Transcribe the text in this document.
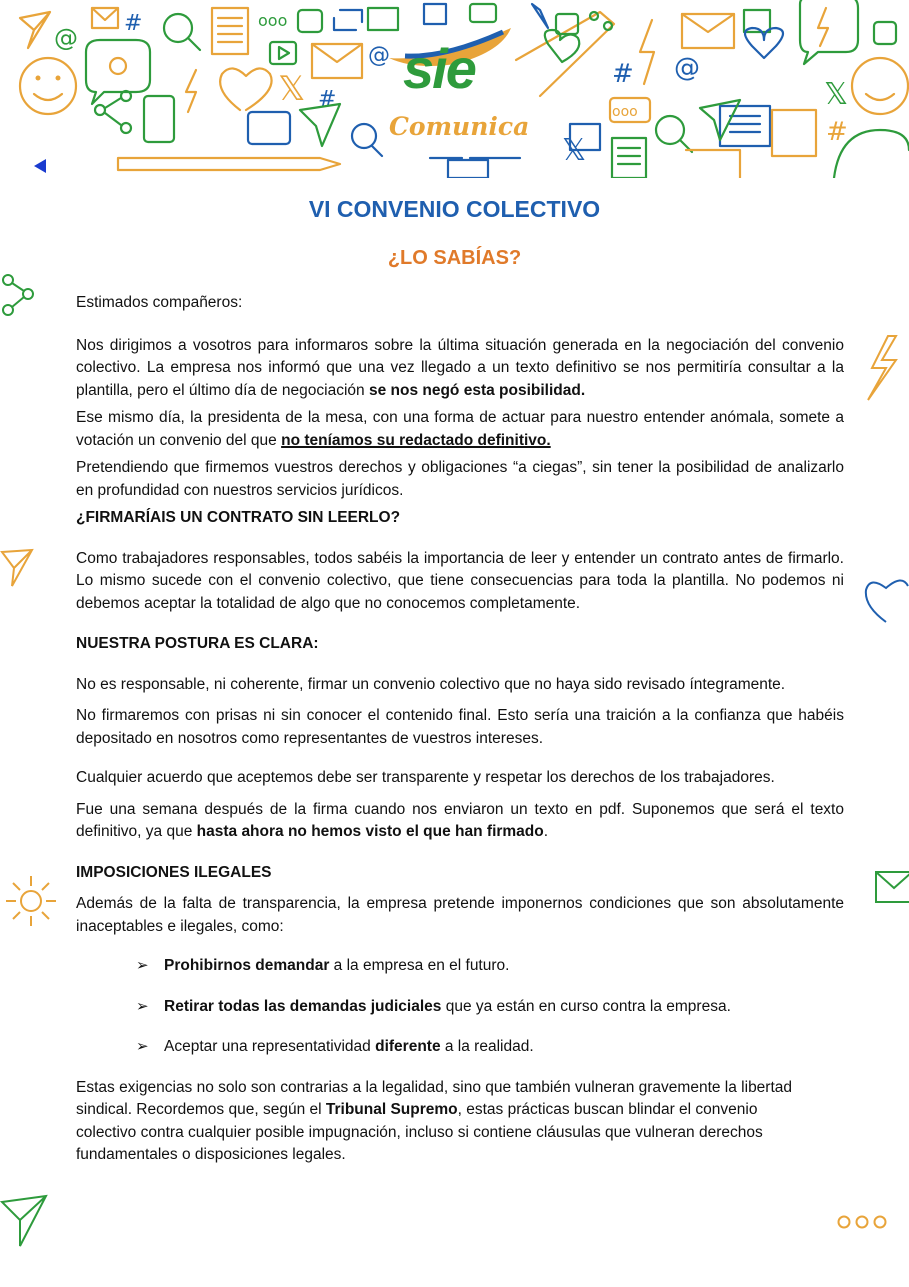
@
#	ooo
𝕏 #
@
# @
𝕏
#
ooo
𝕏
sie
Comunica
VI CONVENIO COLECTIVO
¿LO SABÍAS?

Estimados compañeros:

Nos dirigimos a vosotros para informaros sobre la última situación generada en la negociación del convenio colectivo. La empresa nos informó que una vez llegado a un texto definitivo se nos permitiría consultar a la plantilla, pero el último día de negociación se nos negó esta posibilidad.

Ese mismo día, la presidenta de la mesa, con una forma de actuar para nuestro entender anómala, somete a votación un convenio del que no teníamos su redactado definitivo.

Pretendiendo que firmemos vuestros derechos y obligaciones “a ciegas”, sin tener la posibilidad de analizarlo en profundidad con nuestros servicios jurídicos.

¿FIRMARÍAIS UN CONTRATO SIN LEERLO?

Como trabajadores responsables, todos sabéis la importancia de leer y entender un contrato antes de firmarlo. Lo mismo sucede con el convenio colectivo, que tiene consecuencias para toda la plantilla. No podemos ni debemos aceptar la totalidad de algo que no conocemos completamente.

NUESTRA POSTURA ES CLARA:

No es responsable, ni coherente, firmar un convenio colectivo que no haya sido revisado íntegramente.

No firmaremos con prisas ni sin conocer el contenido final. Esto sería una traición a la confianza que habéis depositado en nosotros como representantes de vuestros intereses.

Cualquier acuerdo que aceptemos debe ser transparente y respetar los derechos de los trabajadores.

Fue una semana después de la firma cuando nos enviaron un texto en pdf. Suponemos que será el texto definitivo, ya que hasta ahora no hemos visto el que han firmado.

IMPOSICIONES ILEGALES

Además de la falta de transparencia, la empresa pretende imponernos condiciones que son absolutamente inaceptables e ilegales, como:

➢ Prohibirnos demandar a la empresa en el futuro.
➢ Retirar todas las demandas judiciales que ya están en curso contra la empresa.
➢ Aceptar una representatividad diferente a la realidad.

Estas exigencias no solo son contrarias a la legalidad, sino que también vulneran gravemente la libertad sindical. Recordemos que, según el Tribunal Supremo, estas prácticas buscan blindar el convenio colectivo contra cualquier posible impugnación, incluso si contiene cláusulas que vulneran derechos fundamentales o disposiciones legales.
